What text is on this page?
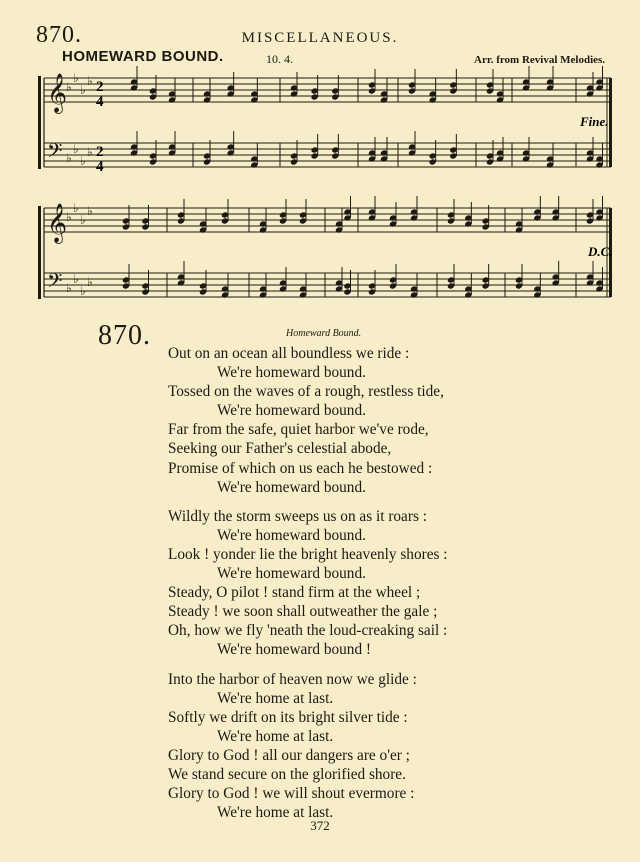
870.	MISCELLANEOUS.
HOMEWARD BOUND.	10. 4.	Arr. from Revival Melodies.
𝄞
♭
♭
♭
♭
𝄢 ♭
♭
♭
♭
𝄞
♭
♭
♭
♭
𝄢 ♭
♭
♭
♭
2
4
2
4
Fine.
D.C.
870.	Homeward Bound.
Out on an ocean all boundless we ride :
We're homeward bound.
Tossed on the waves of a rough, restless tide,
We're homeward bound.
Far from the safe, quiet harbor we've rode,
Seeking our Father's celestial abode,
Promise of which on us each he bestowed :
We're homeward bound.
Wildly the storm sweeps us on as it roars :
We're homeward bound.
Look ! yonder lie the bright heavenly shores :
We're homeward bound.
Steady, O pilot ! stand firm at the wheel ;
Steady ! we soon shall outweather the gale ;
Oh, how we fly 'neath the loud-creaking sail :
We're homeward bound !
Into the harbor of heaven now we glide :
We're home at last.
Softly we drift on its bright silver tide :
We're home at last.
Glory to God ! all our dangers are o'er ;
We stand secure on the glorified shore.
Glory to God ! we will shout evermore :
We're home at last.
372
